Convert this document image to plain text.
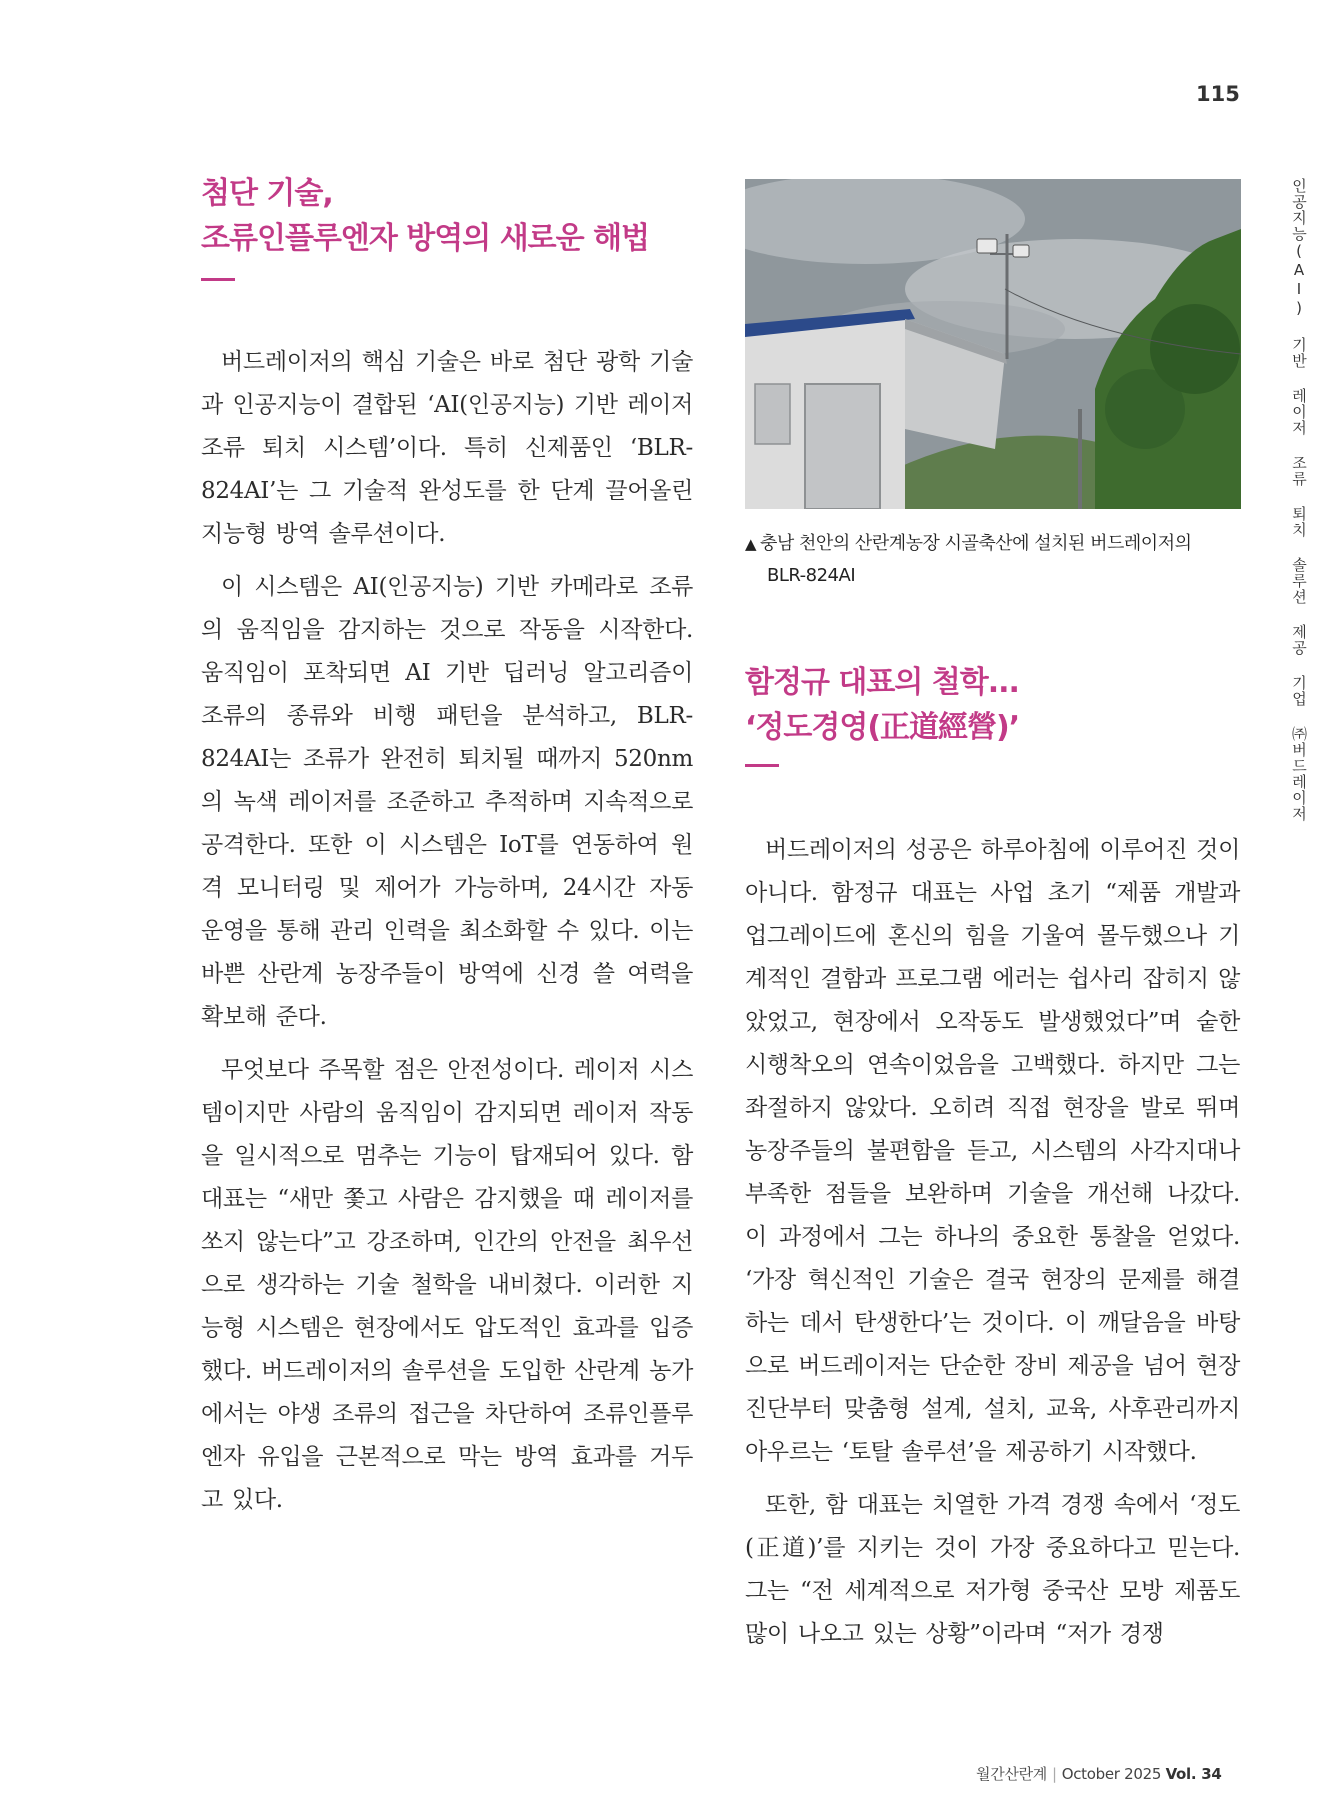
115
인공지능(AI) 기반 레이저 조류 퇴치 솔루션 제공 기업 ㈜버드레이저
첨단 기술,
조류인플루엔자 방역의 새로운 해법

버드레이저의 핵심 기술은 바로 첨단 광학 기술과 인공지능이 결합된 ‘AI(인공지능) 기반 레이저 조류 퇴치 시스템’이다. 특히 신제품인 ‘BLR-824AI’는 그 기술적 완성도를 한 단계 끌어올린 지능형 방역 솔루션이다.

이 시스템은 AI(인공지능) 기반 카메라로 조류의 움직임을 감지하는 것으로 작동을 시작한다. 움직임이 포착되면 AI 기반 딥러닝 알고리즘이 조류의 종류와 비행 패턴을 분석하고, BLR-824AI는 조류가 완전히 퇴치될 때까지 520nm의 녹색 레이저를 조준하고 추적하며 지속적으로 공격한다. 또한 이 시스템은 IoT를 연동하여 원격 모니터링 및 제어가 가능하며, 24시간 자동 운영을 통해 관리 인력을 최소화할 수 있다. 이는 바쁜 산란계 농장주들이 방역에 신경 쓸 여력을 확보해 준다.

무엇보다 주목할 점은 안전성이다. 레이저 시스템이지만 사람의 움직임이 감지되면 레이저 작동을 일시적으로 멈추는 기능이 탑재되어 있다. 함 대표는 “새만 쫓고 사람은 감지했을 때 레이저를 쏘지 않는다”고 강조하며, 인간의 안전을 최우선으로 생각하는 기술 철학을 내비쳤다. 이러한 지능형 시스템은 현장에서도 압도적인 효과를 입증했다. 버드레이저의 솔루션을 도입한 산란계 농가에서는 야생 조류의 접근을 차단하여 조류인플루엔자 유입을 근본적으로 막는 방역 효과를 거두고 있다.

▲ 충남 천안의 산란계농장 시골축산에 설치된 버드레이저의
BLR-824AI
함정규 대표의 철학...
‘정도경영(正道經營)’

버드레이저의 성공은 하루아침에 이루어진 것이 아니다. 함정규 대표는 사업 초기 “제품 개발과 업그레이드에 혼신의 힘을 기울여 몰두했으나 기계적인 결함과 프로그램 에러는 쉽사리 잡히지 않았었고, 현장에서 오작동도 발생했었다”며 숱한 시행착오의 연속이었음을 고백했다. 하지만 그는 좌절하지 않았다. 오히려 직접 현장을 발로 뛰며 농장주들의 불편함을 듣고, 시스템의 사각지대나 부족한 점들을 보완하며 기술을 개선해 나갔다. 이 과정에서 그는 하나의 중요한 통찰을 얻었다. ‘가장 혁신적인 기술은 결국 현장의 문제를 해결하는 데서 탄생한다’는 것이다. 이 깨달음을 바탕으로 버드레이저는 단순한 장비 제공을 넘어 현장 진단부터 맞춤형 설계, 설치, 교육, 사후관리까지 아우르는 ‘토탈 솔루션’을 제공하기 시작했다.

또한, 함 대표는 치열한 가격 경쟁 속에서 ‘정도(正道)’를 지키는 것이 가장 중요하다고 믿는다. 그는 “전 세계적으로 저가형 중국산 모방 제품도 많이 나오고 있는 상황”이라며 “저가 경쟁

월간산란계 | October 2025 Vol. 34
